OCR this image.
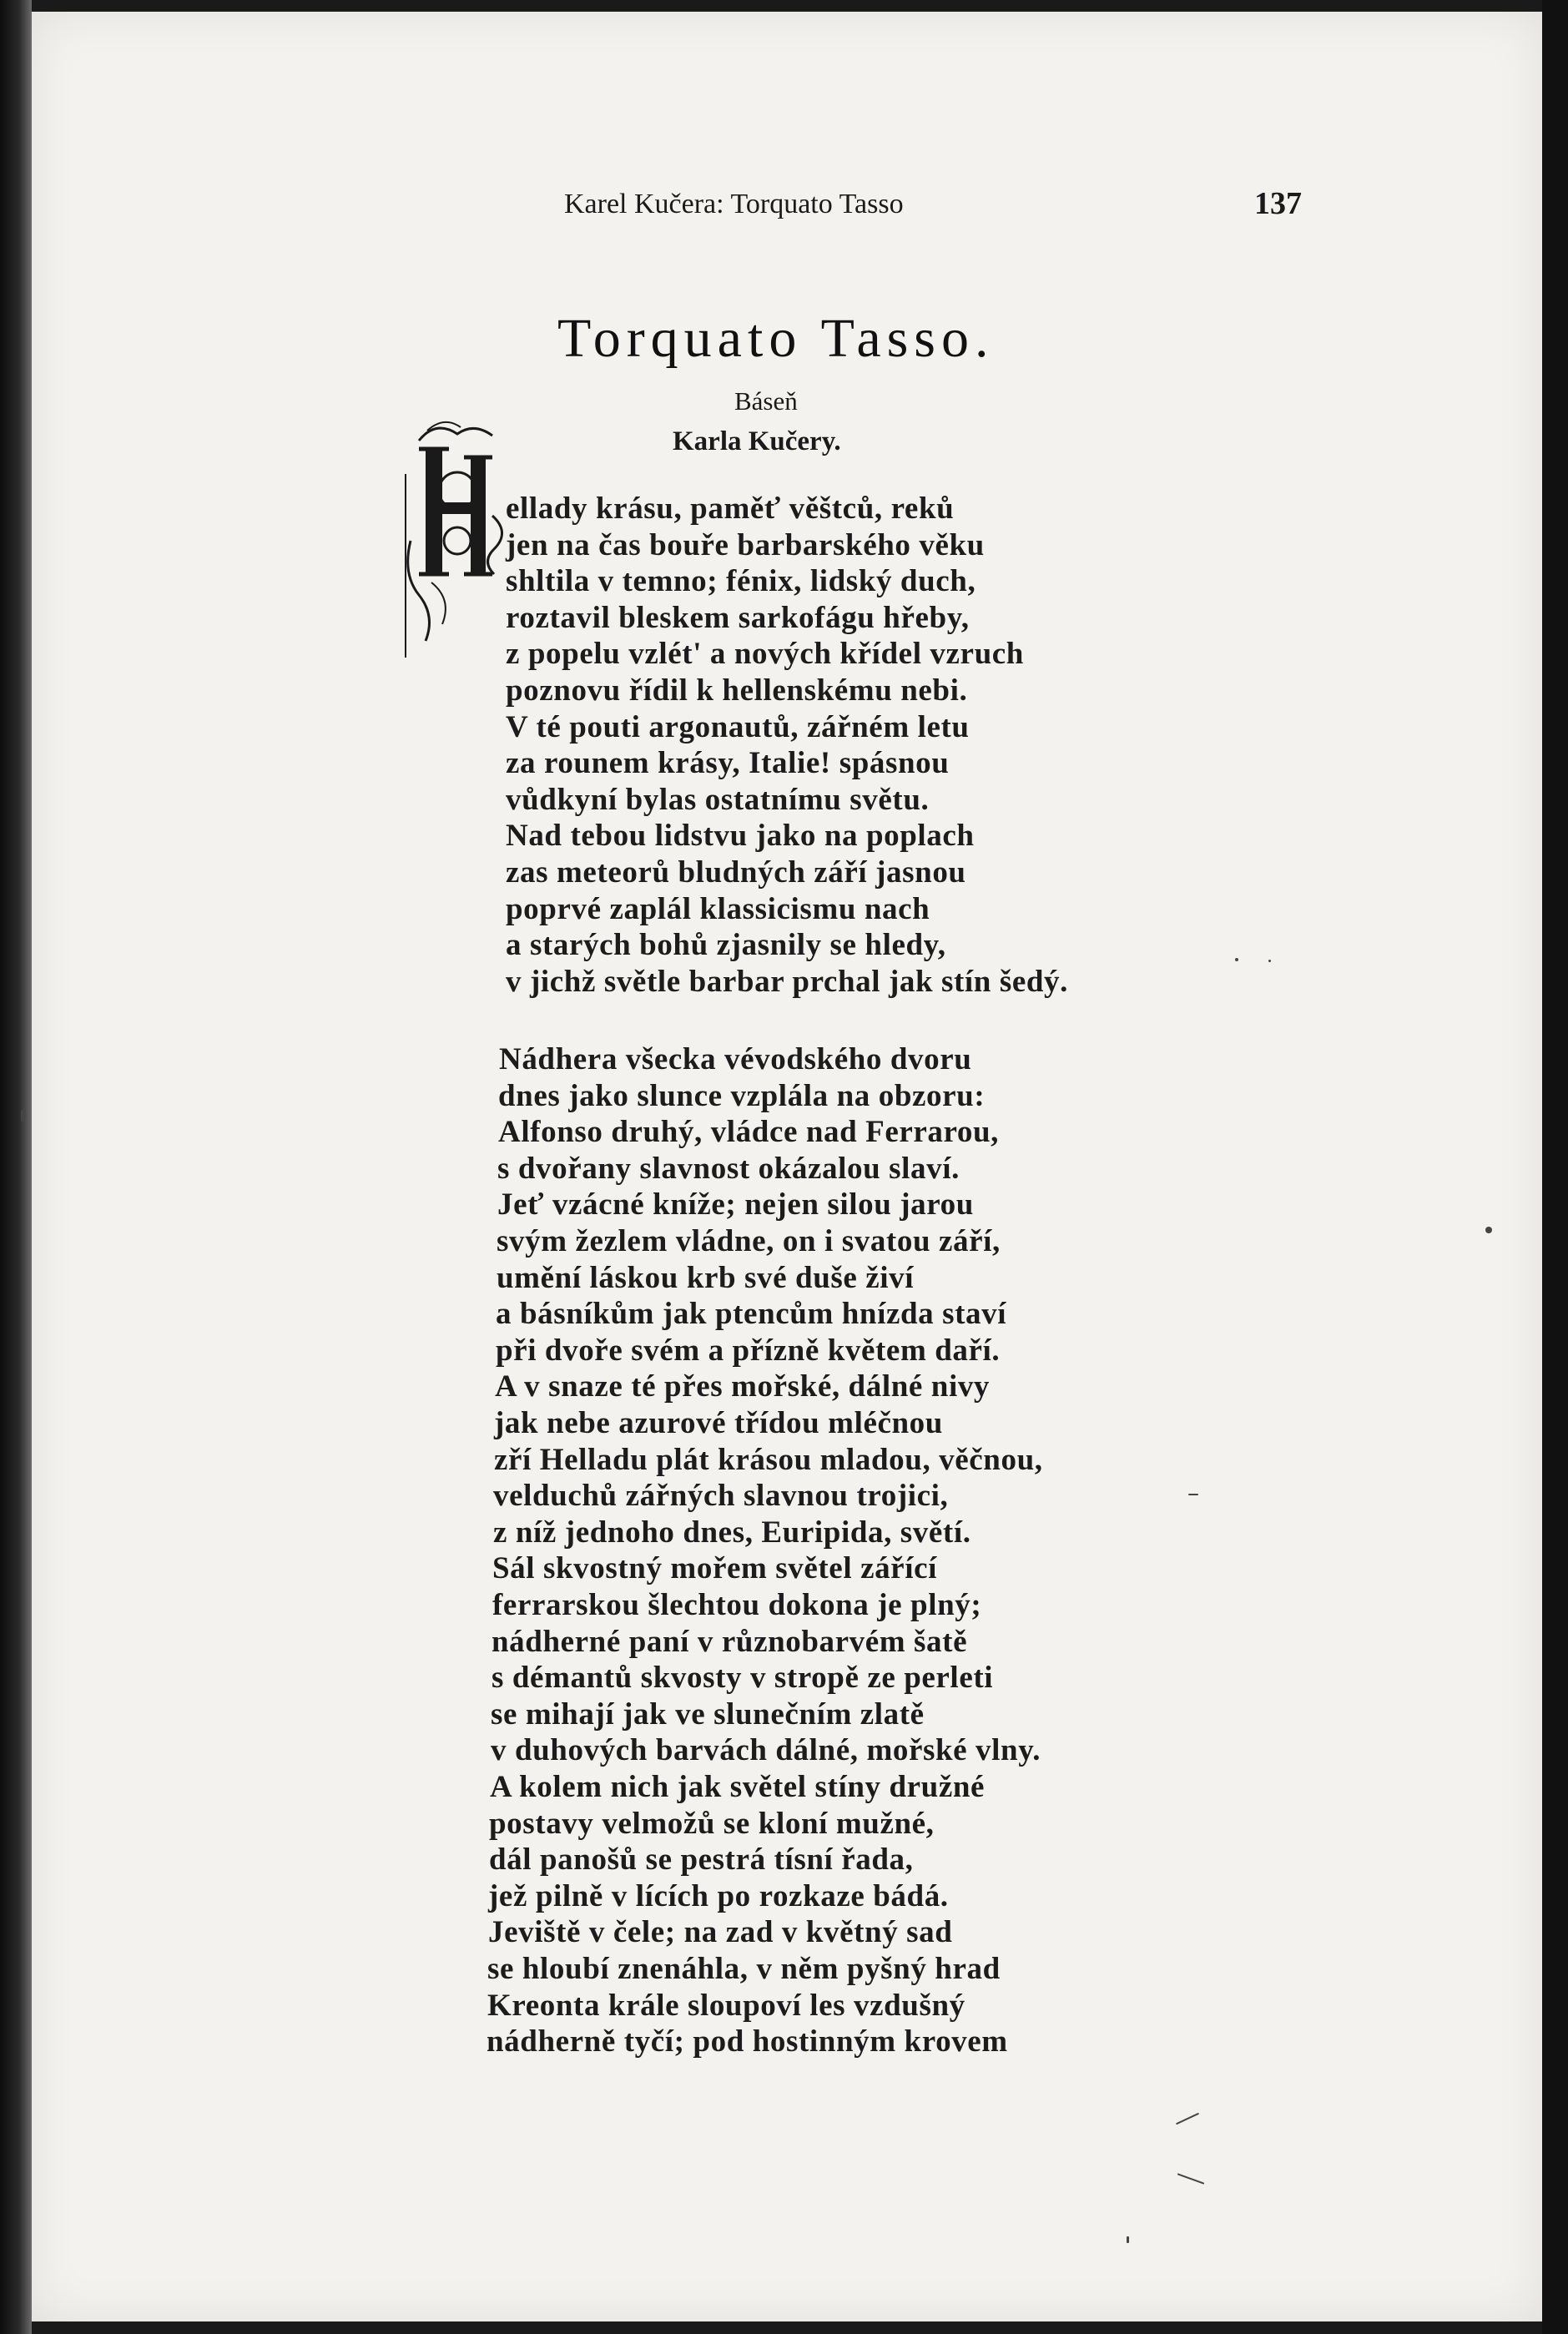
Karel Kučera: Torquato Tasso	137
Torquato Tasso.
Báseň
Karla Kučery.
ellady krásu, paměť věštců, reků
jen na čas bouře barbarského věku
shltila v temno; fénix, lidský duch,
roztavil bleskem sarkofágu hřeby,
z popelu vzlét' a nových křídel vzruch
poznovu řídil k hellenskému nebi.
V té pouti argonautů, zářném letu
za rounem krásy, Italie! spásnou
vůdkyní bylas ostatnímu světu.
Nad tebou lidstvu jako na poplach
zas meteorů bludných září jasnou
poprvé zaplál klassicismu nach
a starých bohů zjasnily se hledy,
v jichž světle barbar prchal jak stín šedý.
Nádhera všecka vévodského dvoru
dnes jako slunce vzplála na obzoru:
Alfonso druhý, vládce nad Ferrarou,
s dvořany slavnost okázalou slaví.
Jeť vzácné kníže; nejen silou jarou
svým žezlem vládne, on i svatou září,
umění láskou krb své duše živí
a básníkům jak ptencům hnízda staví
při dvoře svém a přízně květem daří.
A v snaze té přes mořské, dálné nivy
jak nebe azurové třídou mléčnou
zří Helladu plát krásou mladou, věčnou,
velduchů zářných slavnou trojici,
z níž jednoho dnes, Euripida, světí.
Sál skvostný mořem světel zářící
ferrarskou šlechtou dokona je plný;
nádherné paní v různobarvém šatě
s démantů skvosty v stropě ze perleti
se mihají jak ve slunečním zlatě
v duhových barvách dálné, mořské vlny.
A kolem nich jak světel stíny družné
postavy velmožů se kloní mužné,
dál panošů se pestrá tísní řada,
jež pilně v lících po rozkaze bádá.
Jeviště v čele; na zad v květný sad
se hloubí znenáhla, v něm pyšný hrad
Kreonta krále sloupoví les vzdušný
nádherně tyčí; pod hostinným krovem
